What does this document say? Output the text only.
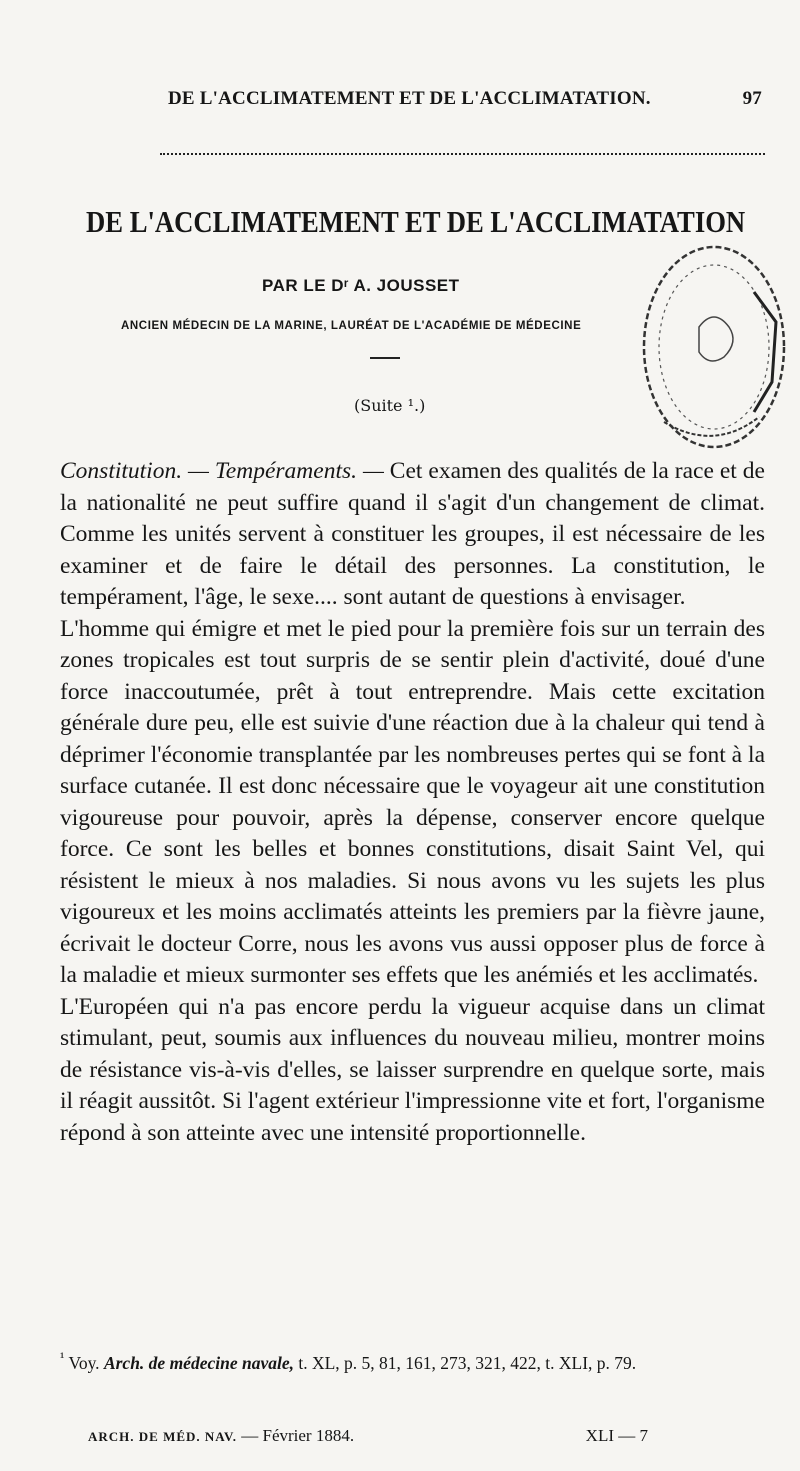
DE L'ACCLIMATEMENT ET DE L'ACCLIMATATION.	97
DE L'ACCLIMATEMENT ET DE L'ACCLIMATATION
PAR LE Dʳ A. JOUSSET
ANCIEN MÉDECIN DE LA MARINE, LAURÉAT DE L'ACADÉMIE DE MÉDECINE
(Suite ¹.)

Constitution. — Tempéraments. — Cet examen des qualités de la race et de la nationalité ne peut suffire quand il s'agit d'un changement de climat. Comme les unités servent à constituer les groupes, il est nécessaire de les examiner et de faire le détail des personnes. La constitution, le tempérament, l'âge, le sexe.... sont autant de questions à envisager.

L'homme qui émigre et met le pied pour la première fois sur un terrain des zones tropicales est tout surpris de se sentir plein d'activité, doué d'une force inaccoutumée, prêt à tout entreprendre. Mais cette excitation générale dure peu, elle est suivie d'une réaction due à la chaleur qui tend à déprimer l'économie transplantée par les nombreuses pertes qui se font à la surface cutanée. Il est donc nécessaire que le voyageur ait une constitution vigoureuse pour pouvoir, après la dépense, conserver encore quelque force. Ce sont les belles et bonnes constitutions, disait Saint Vel, qui résistent le mieux à nos maladies. Si nous avons vu les sujets les plus vigoureux et les moins acclimatés atteints les premiers par la fièvre jaune, écrivait le docteur Corre, nous les avons vus aussi opposer plus de force à la maladie et mieux surmonter ses effets que les anémiés et les acclimatés.

L'Européen qui n'a pas encore perdu la vigueur acquise dans un climat stimulant, peut, soumis aux influences du nouveau milieu, montrer moins de résistance vis-à-vis d'elles, se laisser surprendre en quelque sorte, mais il réagit aussitôt. Si l'agent extérieur l'impressionne vite et fort, l'organisme répond à son atteinte avec une intensité proportionnelle.

$^{^1}$ Voy. Arch. de médecine navale, t. XL, p. 5, 81, 161, 273, 321, 422, t. XLI, p. 79.
ARCH. DE MÉD. NAV. — Février 1884.	XLI — 7
